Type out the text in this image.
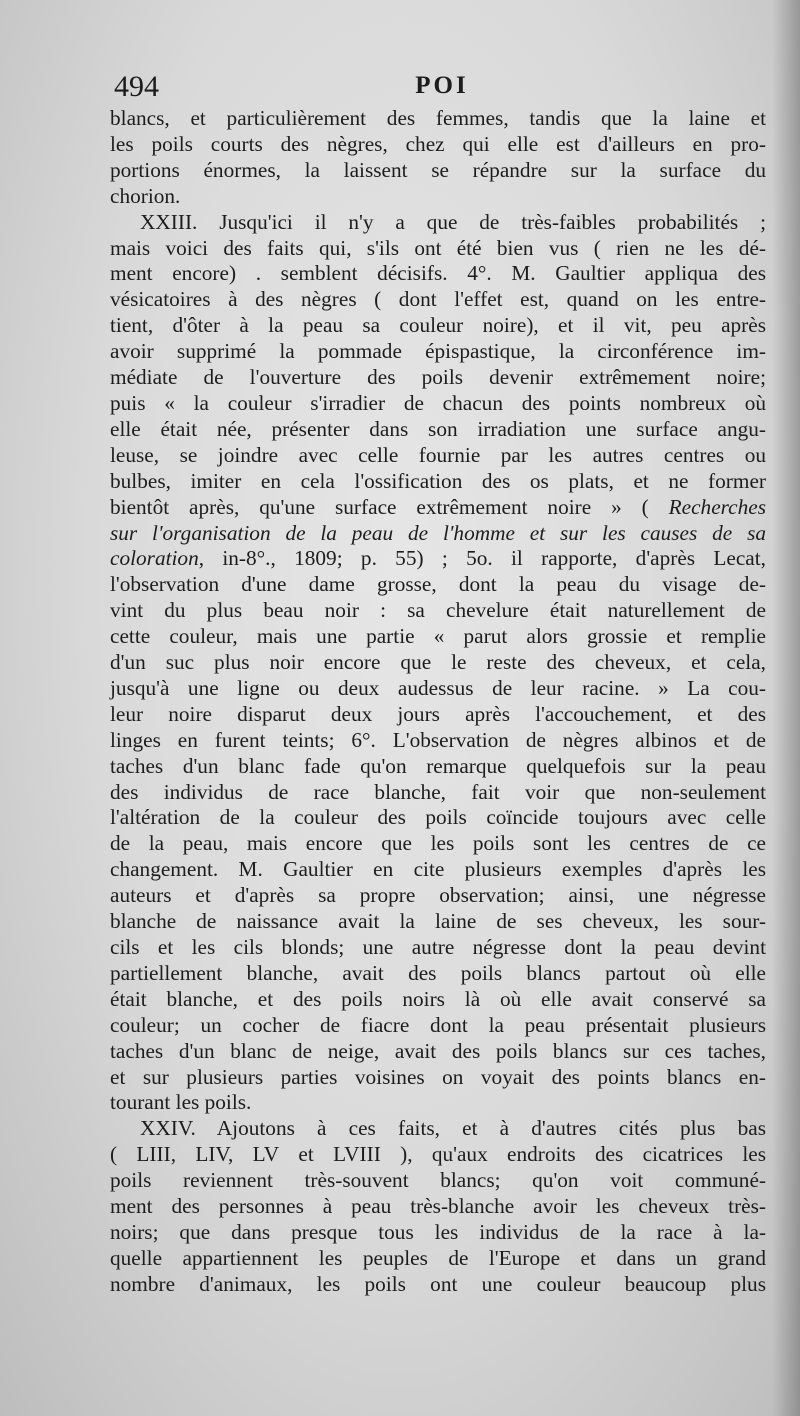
494	POI
blancs, et particulièrement des femmes, tandis que la laine et
les poils courts des nègres, chez qui elle est d'ailleurs en pro-
portions énormes, la laissent se répandre sur la surface du
chorion.
XXIII. Jusqu'ici il n'y a que de très-faibles probabilités ;
mais voici des faits qui, s'ils ont été bien vus ( rien ne les dé-
ment encore) . semblent décisifs. 4°. M. Gaultier appliqua des
vésicatoires à des nègres ( dont l'effet est, quand on les entre-
tient, d'ôter à la peau sa couleur noire), et il vit, peu après
avoir supprimé la pommade épispastique, la circonférence im-
médiate de l'ouverture des poils devenir extrêmement noire;
puis « la couleur s'irradier de chacun des points nombreux où
elle était née, présenter dans son irradiation une surface angu-
leuse, se joindre avec celle fournie par les autres centres ou
bulbes, imiter en cela l'ossification des os plats, et ne former
bientôt après, qu'une surface extrêmement noire » ( Recherches
sur l'organisation de la peau de l'homme et sur les causes de sa
coloration, in-8°., 1809; p. 55) ; 5o. il rapporte, d'après Lecat,
l'observation d'une dame grosse, dont la peau du visage de-
vint du plus beau noir : sa chevelure était naturellement de
cette couleur, mais une partie « parut alors grossie et remplie
d'un suc plus noir encore que le reste des cheveux, et cela,
jusqu'à une ligne ou deux audessus de leur racine. » La cou-
leur noire disparut deux jours après l'accouchement, et des
linges en furent teints; 6°. L'observation de nègres albinos et de
taches d'un blanc fade qu'on remarque quelquefois sur la peau
des individus de race blanche, fait voir que non-seulement
l'altération de la couleur des poils coïncide toujours avec celle
de la peau, mais encore que les poils sont les centres de ce
changement. M. Gaultier en cite plusieurs exemples d'après les
auteurs et d'après sa propre observation; ainsi, une négresse
blanche de naissance avait la laine de ses cheveux, les sour-
cils et les cils blonds; une autre négresse dont la peau devint
partiellement blanche, avait des poils blancs partout où elle
était blanche, et des poils noirs là où elle avait conservé sa
couleur; un cocher de fiacre dont la peau présentait plusieurs
taches d'un blanc de neige, avait des poils blancs sur ces taches,
et sur plusieurs parties voisines on voyait des points blancs en-
tourant les poils.
XXIV. Ajoutons à ces faits, et à d'autres cités plus bas
( LIII, LIV, LV et LVIII ), qu'aux endroits des cicatrices les
poils reviennent très-souvent blancs; qu'on voit communé-
ment des personnes à peau très-blanche avoir les cheveux très-
noirs; que dans presque tous les individus de la race à la-
quelle appartiennent les peuples de l'Europe et dans un grand
nombre d'animaux, les poils ont une couleur beaucoup plus
